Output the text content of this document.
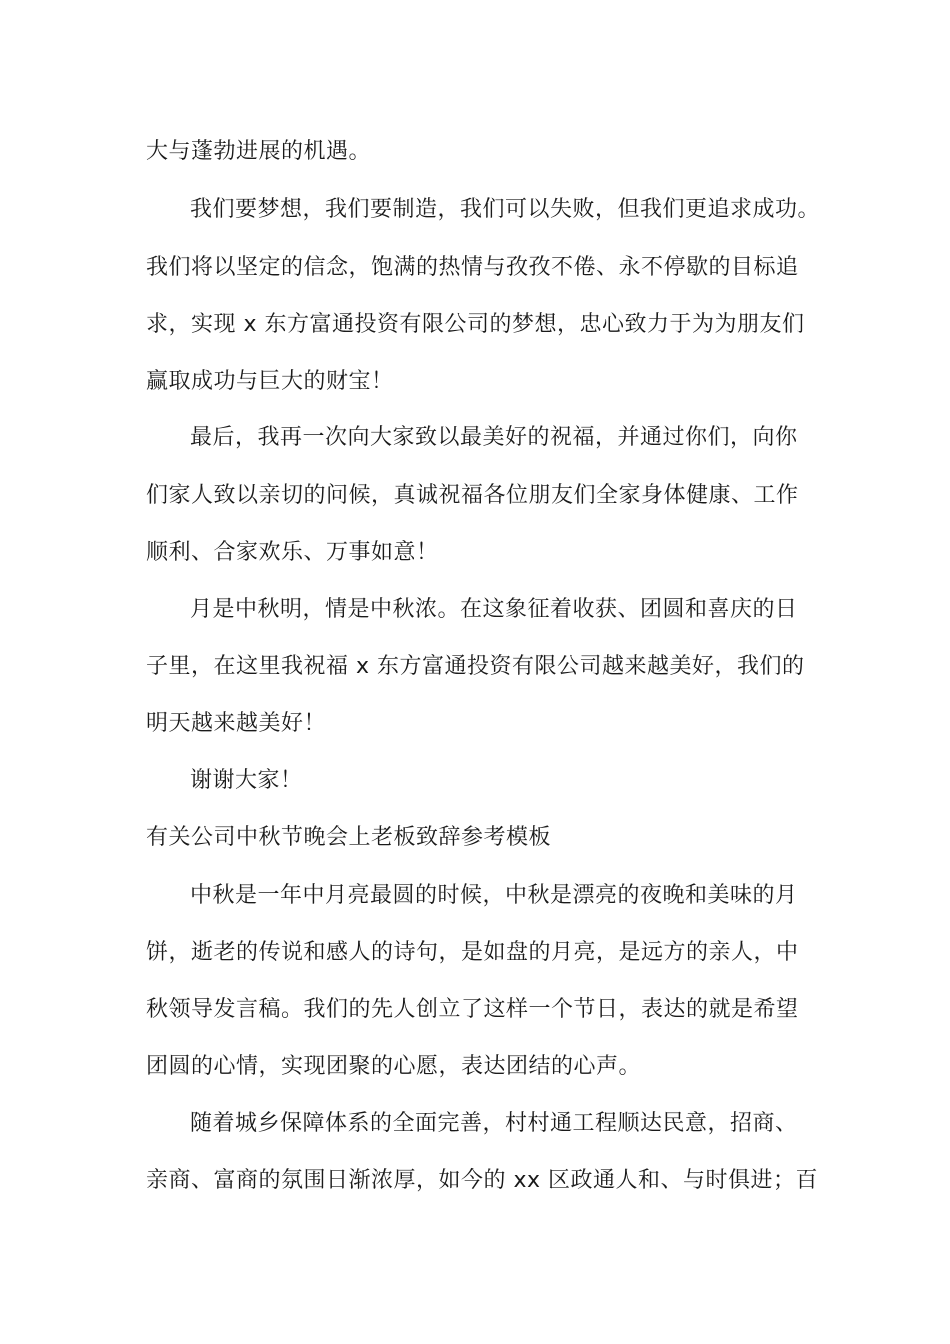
大与蓬勃进展的机遇。
我们要梦想，我们要制造，我们可以失败，但我们更追求成功。
我们将以坚定的信念，饱满的热情与孜孜不倦、永不停歇的目标追
求，实现 x 东方富通投资有限公司的梦想，忠心致力于为为朋友们
赢取成功与巨大的财宝！
最后，我再一次向大家致以最美好的祝福，并通过你们，向你
们家人致以亲切的问候，真诚祝福各位朋友们全家身体健康、工作
顺利、合家欢乐、万事如意！
月是中秋明，情是中秋浓。在这象征着收获、团圆和喜庆的日
子里，在这里我祝福 x 东方富通投资有限公司越来越美好，我们的
明天越来越美好！
谢谢大家！
有关公司中秋节晚会上老板致辞参考模板
中秋是一年中月亮最圆的时候，中秋是漂亮的夜晚和美味的月
饼，逝老的传说和感人的诗句，是如盘的月亮，是远方的亲人，中
秋领导发言稿。我们的先人创立了这样一个节日，表达的就是希望
团圆的心情，实现团聚的心愿，表达团结的心声。
随着城乡保障体系的全面完善，村村通工程顺达民意，招商、
亲商、富商的氛围日渐浓厚，如今的 xx 区政通人和、与时俱进；百
